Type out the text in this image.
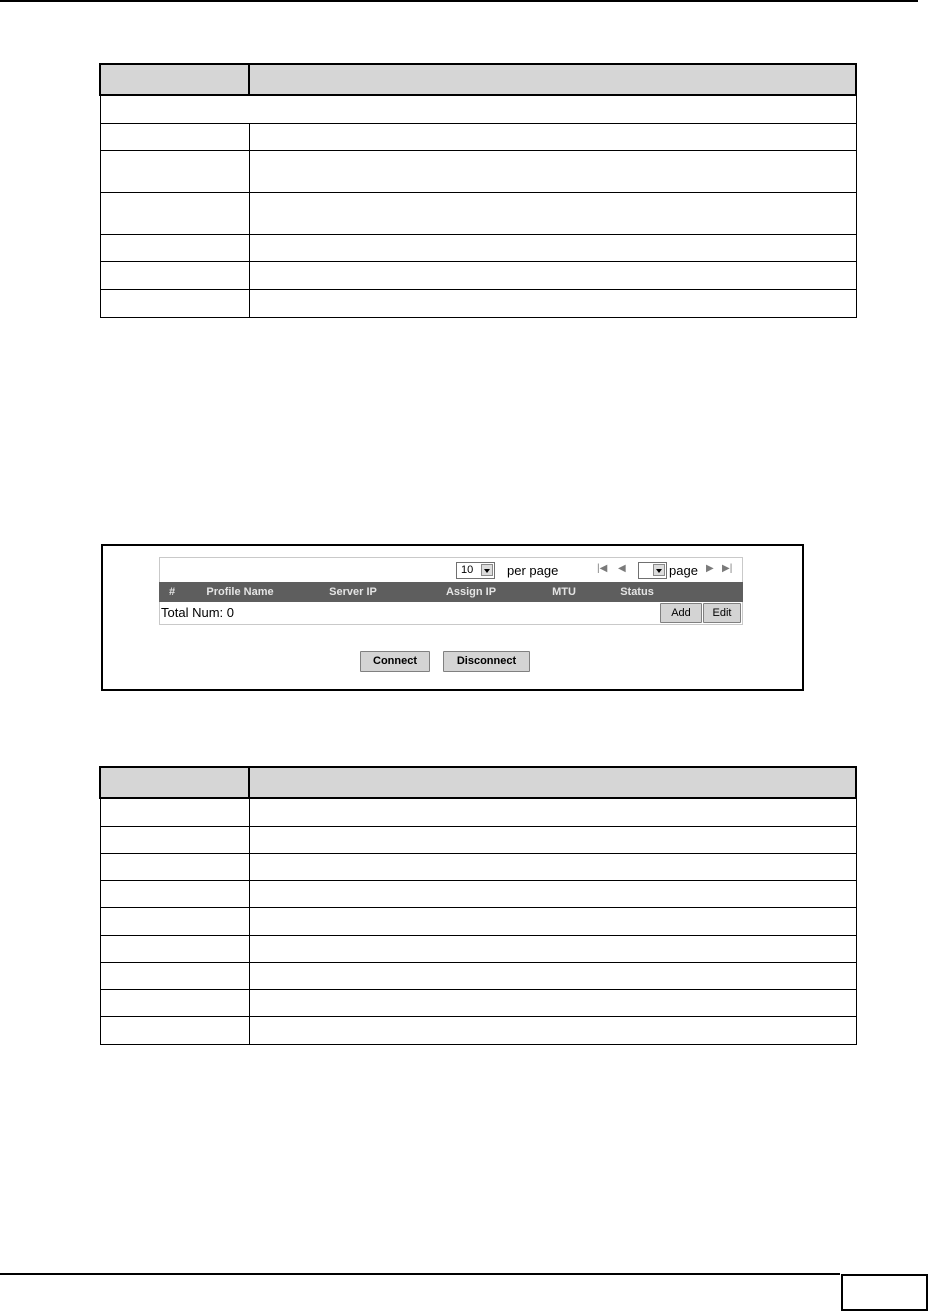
10	per page	|◀ ◀	page ▶ ▶|
#	Profile Name	Server IP	Assign IP	MTU	Status
Total Num: 0	Add	Edit
Connect	Disconnect
